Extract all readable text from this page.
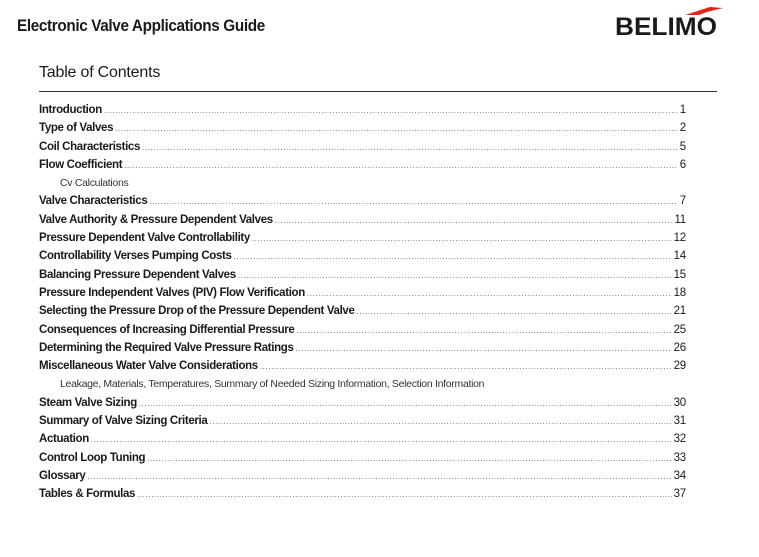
Electronic Valve Applications Guide	BELIMO
Table of Contents
Introduction .....	1
Type of Valves .....	2
Coil Characteristics .....	5
Flow Coefficient .....	6
Cv Calculations
Valve Characteristics .....	7
Valve Authority & Pressure Dependent Valves .....	11
Pressure Dependent Valve Controllability .....	12
Controllability Verses Pumping Costs .....	14
Balancing Pressure Dependent Valves .....	15
Pressure Independent Valves (PIV) Flow Verification .....	18
Selecting the Pressure Drop of the Pressure Dependent Valve .....	21
Consequences of Increasing Differential Pressure .....	25
Determining the Required Valve Pressure Ratings .....	26
Miscellaneous Water Valve Considerations .....	29
Leakage, Materials, Temperatures, Summary of Needed Sizing Information, Selection Information
Steam Valve Sizing .....	30
Summary of Valve Sizing Criteria .....	31
Actuation .....	32
Control Loop Tuning .....	33
Glossary .....	34
Tables & Formulas .....	37
